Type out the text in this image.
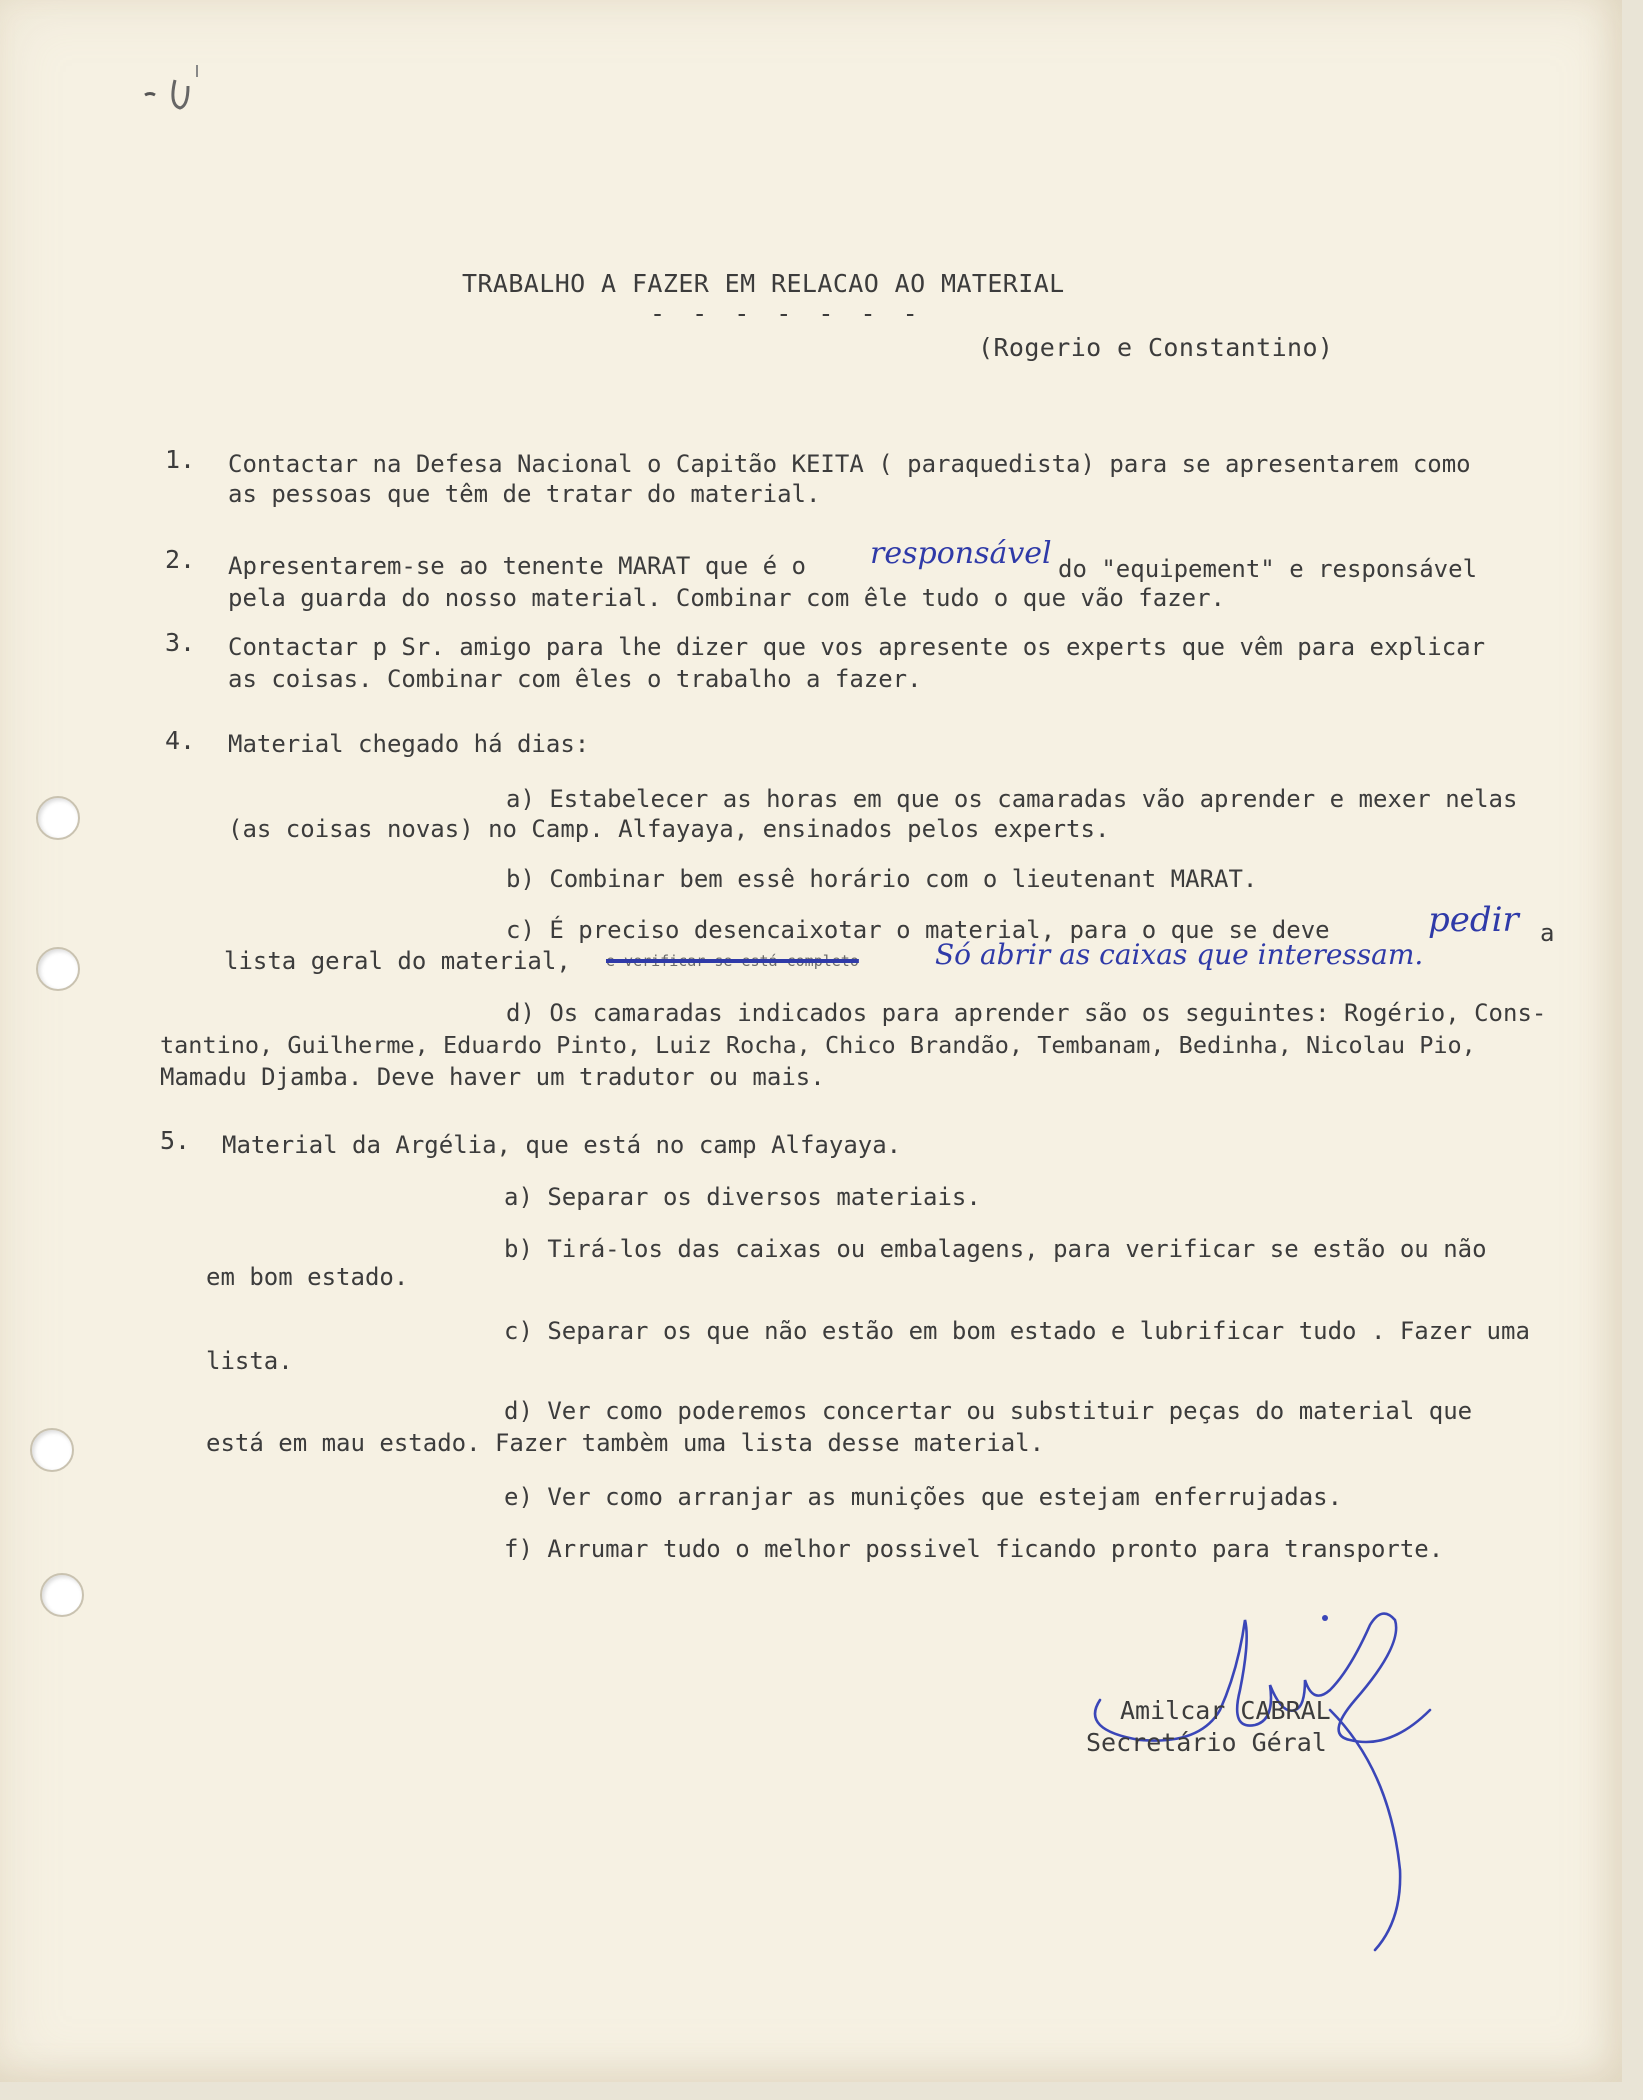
TRABALHO A FAZER EM RELACAO AO MATERIAL
- - - - - - -
(Rogerio e Constantino)
1. Contactar na Defesa Nacional o Capitão KEITA ( paraquedista) para se apresentarem como
as pessoas que têm de tratar do material.
2. Apresentarem-se ao tenente MARAT que é o responsável do "equipement" e responsável
pela guarda do nosso material. Combinar com êle tudo o que vão fazer.
3. Contactar p Sr. amigo para lhe dizer que vos apresente os experts que vêm para explicar
as coisas. Combinar com êles o trabalho a fazer.
4. Material chegado há dias:
a) Estabelecer as horas em que os camaradas vão aprender e mexer nelas
(as coisas novas) no Camp. Alfayaya, ensinados pelos experts.
b) Combinar bem essê horário com o lieutenant MARAT.
c) É preciso desencaixotar o material, para o que se deve	pedir a
lista geral do material, e verificar se está completo	Só abrir as caixas que interessam.
d) Os camaradas indicados para aprender são os seguintes: Rogério, Cons-
tantino, Guilherme, Eduardo Pinto, Luiz Rocha, Chico Brandão, Tembanam, Bedinha, Nicolau Pio,
Mamadu Djamba. Deve haver um tradutor ou mais.
5. Material da Argélia, que está no camp Alfayaya.
a) Separar os diversos materiais.
b) Tirá-los das caixas ou embalagens, para verificar se estão ou não
em bom estado.
c) Separar os que não estão em bom estado e lubrificar tudo . Fazer uma
lista.
d) Ver como poderemos concertar ou substituir peças do material que
está em mau estado. Fazer tambèm uma lista desse material.
e) Ver como arranjar as munições que estejam enferrujadas.
f) Arrumar tudo o melhor possivel ficando pronto para transporte.
Amilcar CABRAL
Secretário Géral
